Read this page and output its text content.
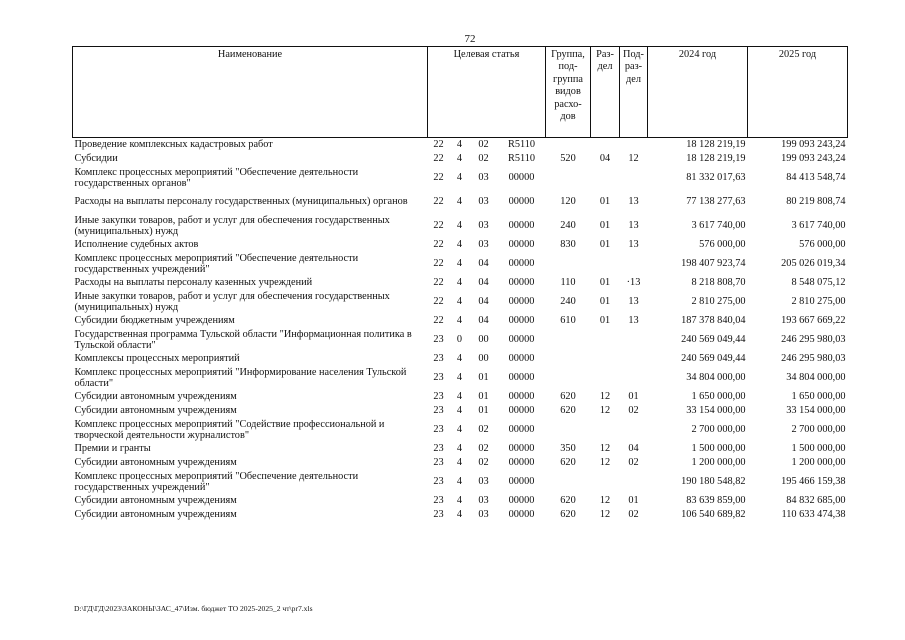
72
Наименование	Целевая статья				Группа, под-группа видов расхо-дов	Раз-дел	Под-раз-дел	2024 год	2025 год
Проведение комплексных кадастровых работ	22	4	02	R5110				18 128 219,19	199 093 243,24
Субсидии	22	4	02	R5110	520	04	12	18 128 219,19	199 093 243,24
Комплекс процессных мероприятий "Обеспечение деятельности государственных органов"	22	4	03	00000				81 332 017,63	84 413 548,74
Расходы на выплаты персоналу государственных (муниципальных) органов	22	4	03	00000	120	01	13	77 138 277,63	80 219 808,74
Иные закупки товаров, работ и услуг для обеспечения государственных (муниципальных) нужд	22	4	03	00000	240	01	13	3 617 740,00	3 617 740,00
Исполнение судебных актов	22	4	03	00000	830	01	13	576 000,00	576 000,00
Комплекс процессных мероприятий "Обеспечение деятельности государственных учреждений"	22	4	04	00000				198 407 923,74	205 026 019,34
Расходы на выплаты персоналу казенных учреждений	22	4	04	00000	110	01	·13	8 218 808,70	8 548 075,12
Иные закупки товаров, работ и услуг для обеспечения государственных (муниципальных) нужд	22	4	04	00000	240	01	13	2 810 275,00	2 810 275,00
Субсидии бюджетным учреждениям	22	4	04	00000	610	01	13	187 378 840,04	193 667 669,22
Государственная программа Тульской области "Информационная политика в Тульской области"	23	0	00	00000				240 569 049,44	246 295 980,03
Комплексы процессных мероприятий	23	4	00	00000				240 569 049,44	246 295 980,03
Комплекс процессных мероприятий "Информирование населения Тульской области"	23	4	01	00000				34 804 000,00	34 804 000,00
Субсидии автономным учреждениям	23	4	01	00000	620	12	01	1 650 000,00	1 650 000,00
Субсидии автономным учреждениям	23	4	01	00000	620	12	02	33 154 000,00	33 154 000,00
Комплекс процессных мероприятий "Содействие профессиональной и творческой деятельности журналистов"	23	4	02	00000				2 700 000,00	2 700 000,00
Премии и гранты	23	4	02	00000	350	12	04	1 500 000,00	1 500 000,00
Субсидии автономным учреждениям	23	4	02	00000	620	12	02	1 200 000,00	1 200 000,00
Комплекс процессных мероприятий "Обеспечение деятельности государственных учреждений"	23	4	03	00000				190 180 548,82	195 466 159,38
Субсидии автономным учреждениям	23	4	03	00000	620	12	01	83 639 859,00	84 832 685,00
Субсидии автономным учреждениям	23	4	03	00000	620	12	02	106 540 689,82	110 633 474,38
D:\ГД\ГД\2023\ЗАКОНЫ\ЗАС_47\Изм. бюджет ТО 2025-2025_2 чт\pr7.xls
